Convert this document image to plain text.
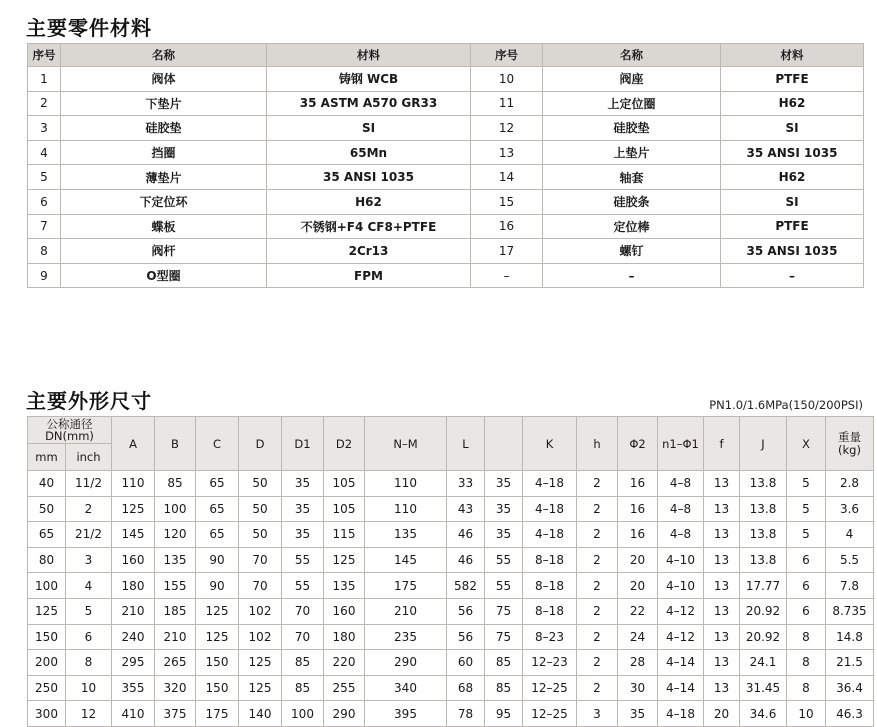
主要零件材料
序号	名称	材料	序号	名称	材料
1	阀体	铸钢 WCB	10	阀座	PTFE
2	下垫片	35 ASTM A570 GR33	11	上定位圈	H62
3	硅胶垫	SI	12	硅胶垫	SI
4	挡圈	65Mn	13	上垫片	35 ANSI 1035
5	薄垫片	35 ANSI 1035	14	轴套	H62
6	下定位环	H62	15	硅胶条	SI
7	蝶板	不锈钢+F4 CF8+PTFE	16	定位棒	PTFE
8	阀杆	2Cr13	17	螺钉	35 ANSI 1035
9	O型圈	FPM	–	–	–
主要外形尺寸	PN1.0/1.6MPa(150/200PSI)
公称通径 DN(mm)		A	B	C	D	D1	D2	N–M	L		K	h	Φ2	n1–Φ1	f	J	X	重量 (kg)
mm	inch																	
40	11/2	110	85	65	50	35	105	110	33	35	4–18	2	16	4–8	13	13.8	5	2.8
50	2	125	100	65	50	35	105	110	43	35	4–18	2	16	4–8	13	13.8	5	3.6
65	21/2	145	120	65	50	35	115	135	46	35	4–18	2	16	4–8	13	13.8	5	4
80	3	160	135	90	70	55	125	145	46	55	8–18	2	20	4–10	13	13.8	6	5.5
100	4	180	155	90	70	55	135	175	582	55	8–18	2	20	4–10	13	17.77	6	7.8
125	5	210	185	125	102	70	160	210	56	75	8–18	2	22	4–12	13	20.92	6	8.735
150	6	240	210	125	102	70	180	235	56	75	8–23	2	24	4–12	13	20.92	8	14.8
200	8	295	265	150	125	85	220	290	60	85	12–23	2	28	4–14	13	24.1	8	21.5
250	10	355	320	150	125	85	255	340	68	85	12–25	2	30	4–14	13	31.45	8	36.4
300	12	410	375	175	140	100	290	395	78	95	12–25	3	35	4–18	20	34.6	10	46.3
